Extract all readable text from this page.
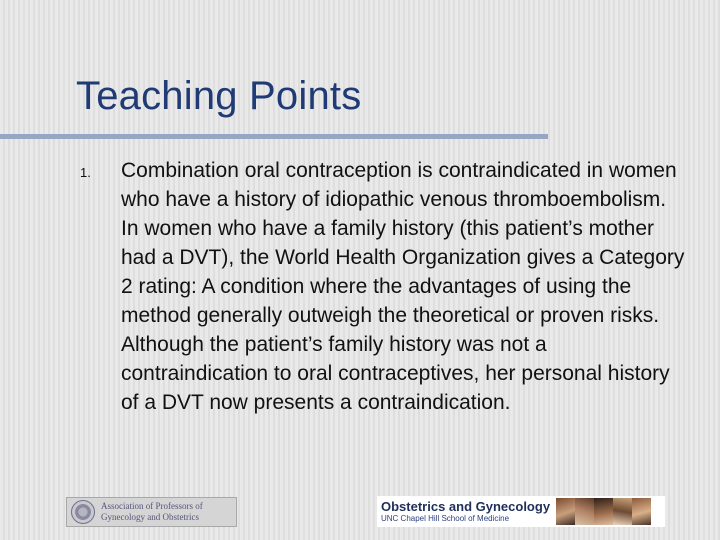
Teaching Points
1. Combination oral contraception is contraindicated in women who have a history of idiopathic venous thromboembolism. In women who have a family history (this patient’s mother had a DVT), the World Health Organization gives a Category 2 rating: A condition where the advantages of using the method generally outweigh the theoretical or proven risks. Although the patient’s family history was not a contraindication to oral contraceptives, her personal history of a DVT now presents a contraindication.

Association of Professors of
Gynecology and Obstetrics
Obstetrics and Gynecology
UNC Chapel Hill School of Medicine
